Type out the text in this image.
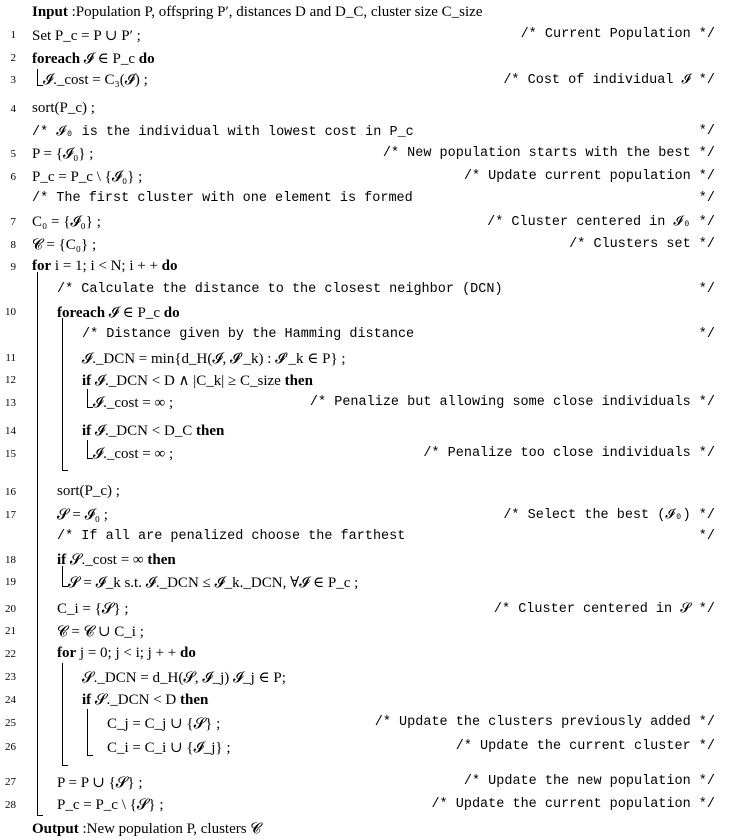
Input :Population P, offspring P′, distances D and D_C, cluster size C_size
1 Set P_c = P ∪ P′ ;	/* Current Population */
2 foreach 𝓘 ∈ P_c do
3 𝓘._cost = C₃(𝓘) ;	/* Cost of individual 𝓘 */
4 sort(P_c) ;
/* 𝓘₀ is the individual with lowest cost in P_c	*/
5 P = {𝓘₀} ;	/* New population starts with the best */
6 P_c = P_c \ {𝓘₀} ;	/* Update current population */
/* The first cluster with one element is formed	*/
7 C₀ = {𝓘₀} ;	/* Cluster centered in 𝓘₀ */
8 𝓒 = {C₀} ;	/* Clusters set */
9 for i = 1; i < N; i + + do
/* Calculate the distance to the closest neighbor (DCN)	*/
10	foreach 𝓘 ∈ P_c do
/* Distance given by the Hamming distance	*/
11	𝓘._DCN = min{d_H(𝓘, 𝓘′_k) : 𝓘′_k ∈ P} ;
12	if 𝓘._DCN < D ∧ |C_k| ≥ C_size then
13	𝓘._cost = ∞ ;	/* Penalize but allowing some close individuals */
14	if 𝓘._DCN < D_C then
15	𝓘._cost = ∞ ;	/* Penalize too close individuals */
16	sort(P_c) ;
17	𝓢 = 𝓘₀ ;	/* Select the best (𝓘₀) */
/* If all are penalized choose the farthest	*/
18	if 𝓢._cost = ∞ then
19	𝓢 = 𝓘_k s.t. 𝓘._DCN ≤ 𝓘_k._DCN, ∀𝓘 ∈ P_c ;
20	C_i = {𝓢} ;	/* Cluster centered in 𝓢 */
21	𝓒 = 𝓒 ∪ C_i ;
22	for j = 0; j < i; j + + do
23	𝓢._DCN = d_H(𝓢, 𝓘_j) 𝓘_j ∈ P;
24	if 𝓢._DCN < D then
25	C_j = C_j ∪ {𝓢} ;	/* Update the clusters previously added */
26	C_i = C_i ∪ {𝓘_j} ;	/* Update the current cluster */
27	P = P ∪ {𝓢} ;	/* Update the new population */
28	P_c = P_c \ {𝓢} ;	/* Update the current population */
Output :New population P, clusters 𝓒
